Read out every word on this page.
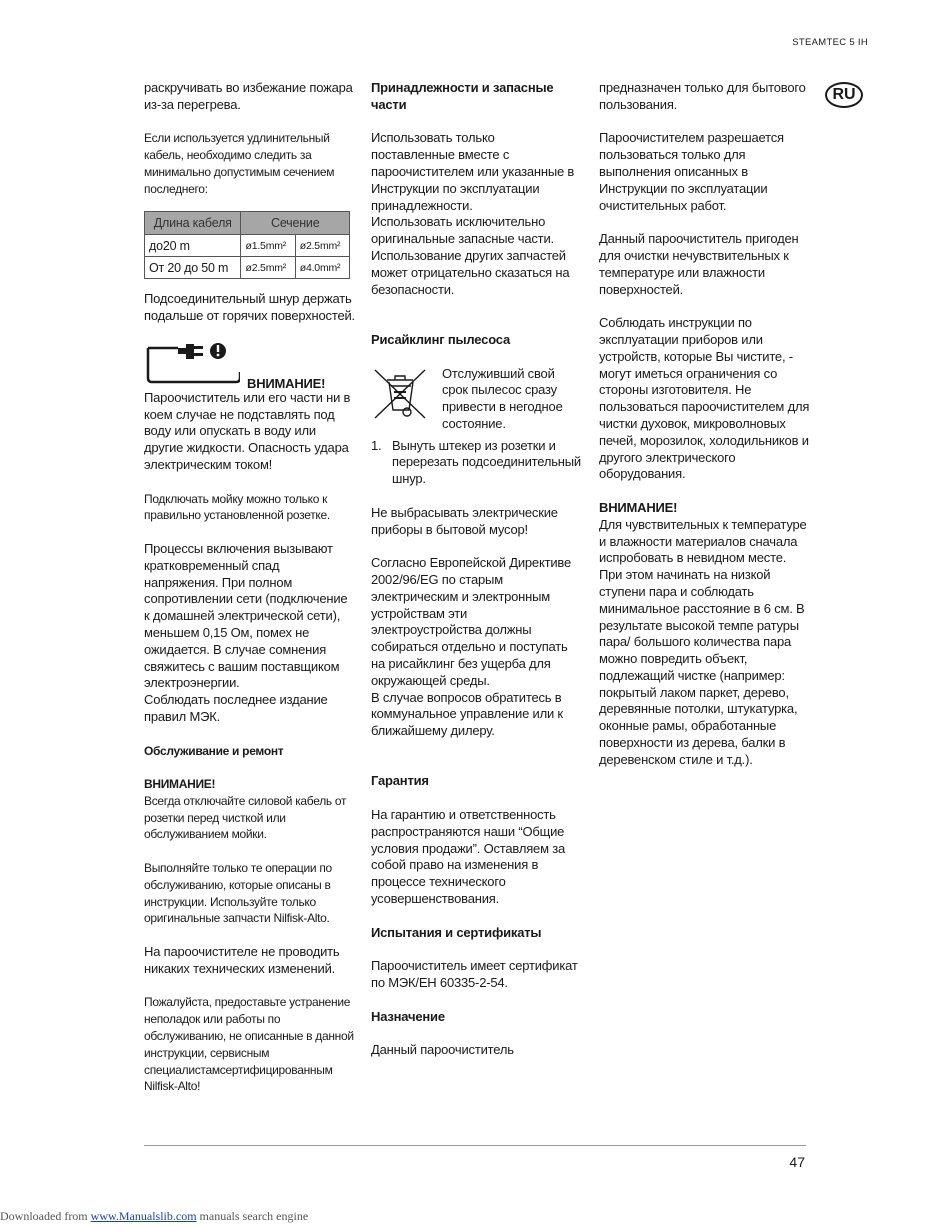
STEAMTEC 5 IH
RU

раскручивать во избежание пожара из-за перегрева.

Если используется удлинительный кабель, необходимо следить за минимально допустимым сечением последнего:

Длина кабеля	Сечение	
до20 m	ø1.5mm²	ø2.5mm²
От 20 до 50 m	ø2.5mm²	ø4.0mm²

Подсоединительный шнур держать подальше от горячих поверхностей.

ВНИМАНИЕ!

Пароочиститель или его части ни в коем случае не подставлять под воду или опускать в воду или другие жидкости. Опасность удара электрическим током!

Подключать мойку можно только к правильно установленной розетке.

Процессы включения вызывают кратковременный спад напряжения. При полном сопротивлении сети (подключение к домашней электрической сети), меньшем 0,15 Ом, помех не ожидается. В случае сомнения свяжитесь с вашим поставщиком электроэнергии.

Соблюдать последнее издание правил МЭК.

Обслуживание и ремонт

ВНИМАНИЕ!

Всегда отключайте силовой кабель от розетки перед чисткой или обслуживанием мойки.

Выполняйте только те операции по обслуживанию, которые описаны в инструкции. Используйте только оригинальные запчасти Nilfisk-Alto.

На пароочистителе не проводить никаких технических изменений.

Пожалуйста, предоставьте устранение неполадок или работы по обслуживанию, не описанные в данной инструкции, сервисным специалистамсертифицированным Nilfisk-Alto!

Принадлежности и запасные части

Использовать только поставленные вместе с пароочистителем или указанные в Инструкции по эксплуатации принадлежности.

Использовать исключительно оригинальные запасные части.

Использование других запчастей может отрицательно сказаться на безопасности.

Рисайклинг пылесоса

Отслуживший свой срок пылесос сразу привести в негодное состояние.
1. Вынуть штекер из розетки и перерезать подсоединительный шнур.

Не выбрасывать электрические приборы в бытовой мусор!

Согласно Европейской Директиве 2002/96/EG по старым электрическим и электронным устройствам эти электроустройства должны собираться отдельно и поступать на рисайклинг без ущерба для окружающей среды.

В случае вопросов обратитесь в коммунальное управление или к ближайшему дилеру.

Гарантия

На гарантию и ответственность распространяются наши “Общие условия продажи”. Оставляем за собой право на изменения в процессе технического усовершенствования.

Испытания и сертификаты

Пароочиститель имеет сертификат по МЭК/ЕН 60335-2-54.

Назначение

Данный пароочиститель

предназначен только для бытового пользования.

Пароочистителем разрешается пользоваться только для выполнения описанных в Инструкции по эксплуатации очистительных работ.

Данный пароочиститель пригоден для очистки нечувствительных к температуре или влажности поверхностей.

Соблюдать инструкции по эксплуатации приборов или устройств, которые Вы чистите, - могут иметься ограничения со стороны изготовителя. Не пользоваться пароочистителем для чистки духовок, микроволновых печей, морозилок, холодильников и другого электрического оборудования.

ВНИМАНИЕ!

Для чувствительных к температуре и влажности материалов сначала испробовать в невидном месте. При этом начинать на низкой ступени пара и соблюдать минимальное расстояние в 6 см. В результате высокой темпе ратуры пара/ большого количества пара можно повредить объект, подлежащий чистке (например: покрытый лаком паркет, дерево, деревянные потолки, штукатурка, оконные рамы, обработанные поверхности из дерева, балки в деревенском стиле и т.д.).

47
Downloaded from www.Manualslib.com manuals search engine
